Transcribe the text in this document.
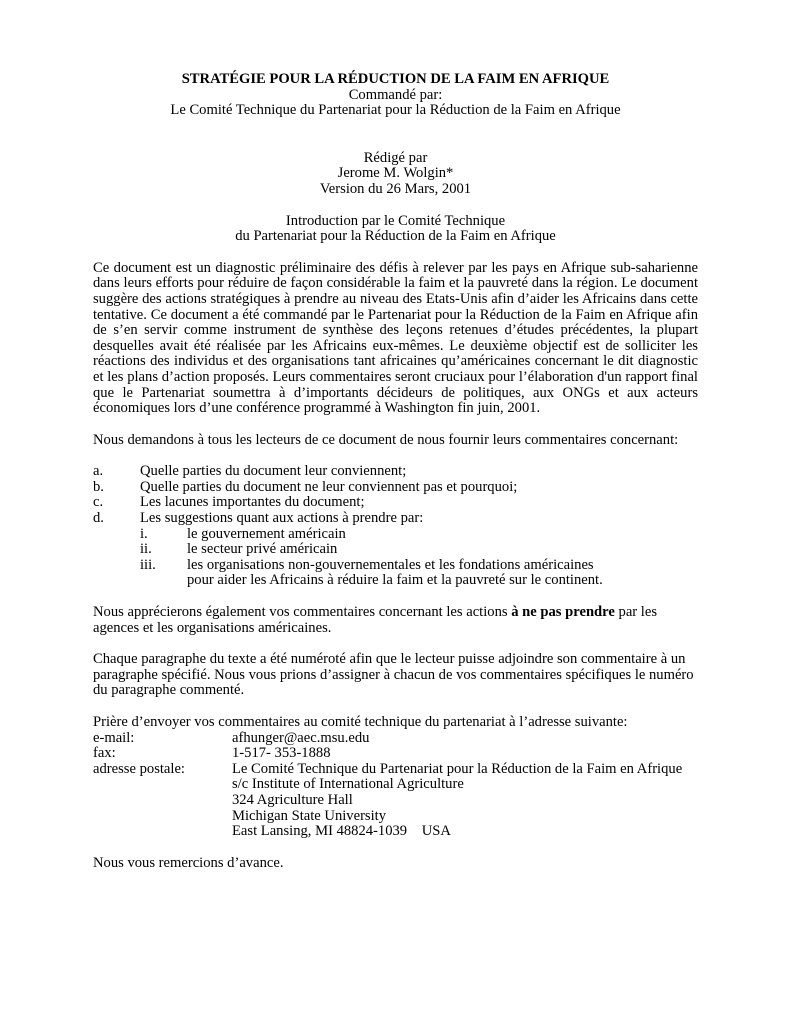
STRATÉGIE POUR LA RÉDUCTION DE LA FAIM EN AFRIQUE
Commandé par:
Le Comité Technique du Partenariat pour la Réduction de la Faim en Afrique
Rédigé par
Jerome M. Wolgin*
Version du 26 Mars, 2001
Introduction par le Comité Technique
du Partenariat pour la Réduction de la Faim en Afrique

Ce document est un diagnostic préliminaire des défis à relever par les pays en Afrique sub-saharienne dans leurs efforts pour réduire de façon considérable la faim et la pauvreté dans la région. Le document suggère des actions stratégiques à prendre au niveau des Etats-Unis afin d’aider les Africains dans cette tentative. Ce document a été commandé par le Partenariat pour la Réduction de la Faim en Afrique afin de s’en servir comme instrument de synthèse des leçons retenues d’études précédentes, la plupart desquelles avait été réalisée par les Africains eux-mêmes. Le deuxième objectif est de solliciter les réactions des individus et des organisations tant africaines qu’américaines concernant le dit diagnostic et les plans d’action proposés. Leurs commentaires seront cruciaux pour l’élaboration d'un rapport final que le Partenariat soumettra à d’importants décideurs de politiques, aux ONGs et aux acteurs économiques lors d’une conférence programmé à Washington fin juin, 2001.

Nous demandons à tous les lecteurs de ce document de nous fournir leurs commentaires concernant:

a.	Quelle parties du document leur conviennent;
b.	Quelle parties du document ne leur conviennent pas et pourquoi;
c.	Les lacunes importantes du document;
d.	Les suggestions quant aux actions à prendre par:
i.	le gouvernement américain
ii.	le secteur privé américain
iii.	les organisations non-gouvernementales et les fondations américaines
pour aider les Africains à réduire la faim et la pauvreté sur le continent.

Nous apprécierons également vos commentaires concernant les actions à ne pas prendre par les agences et les organisations américaines.

Chaque paragraphe du texte a été numéroté afin que le lecteur puisse adjoindre son commentaire à un paragraphe spécifié. Nous vous prions d’assigner à chacun de vos commentaires spécifiques le numéro du paragraphe commenté.

Prière d’envoyer vos commentaires au comité technique du partenariat à l’adresse suivante:

e-mail:	afhunger@aec.msu.edu
fax:	1-517- 353-1888
adresse postale:	Le Comité Technique du Partenariat pour la Réduction de la Faim en Afrique
s/c Institute of International Agriculture
324 Agriculture Hall
Michigan State University
East Lansing, MI 48824-1039    USA

Nous vous remercions d’avance.
